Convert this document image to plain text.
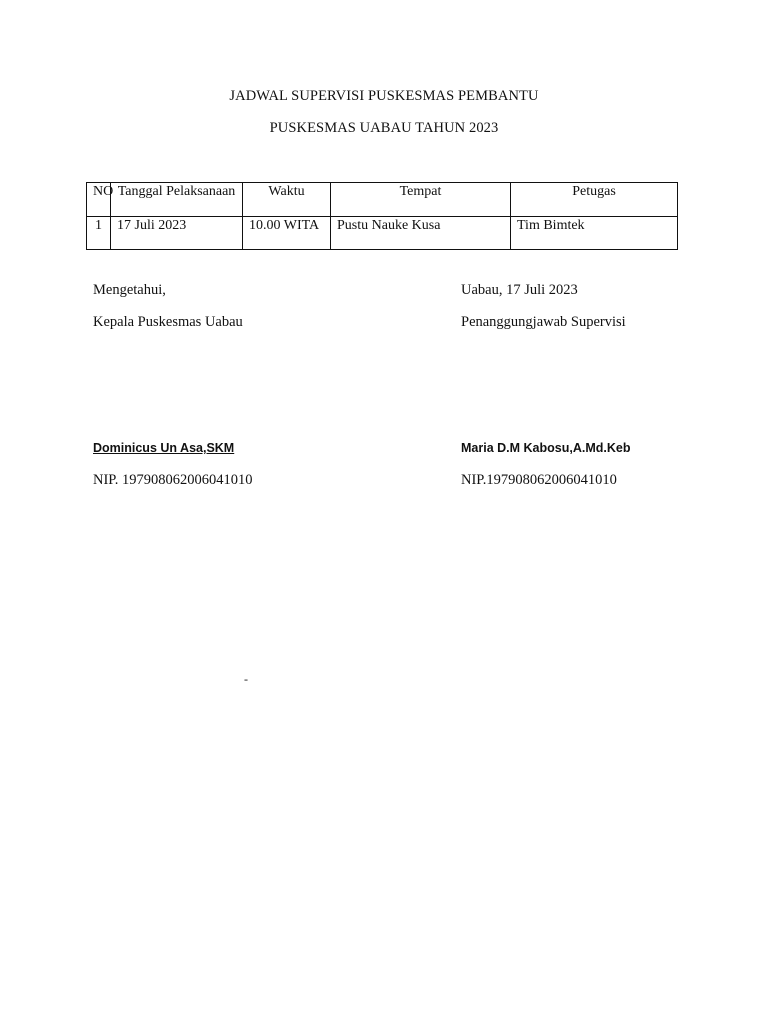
JADWAL SUPERVISI PUSKESMAS PEMBANTU
PUSKESMAS UABAU TAHUN 2023
NO	Tanggal Pelaksanaan	Waktu	Tempat	Petugas
1	17 Juli 2023	10.00 WITA	Pustu Nauke Kusa	Tim Bimtek
Mengetahui,
Kepala Puskesmas Uabau
Dominicus Un Asa,SKM
NIP. 197908062006041010
Uabau, 17 Juli 2023
Penanggungjawab Supervisi
Maria D.M Kabosu,A.Md.Keb
NIP.197908062006041010
-
